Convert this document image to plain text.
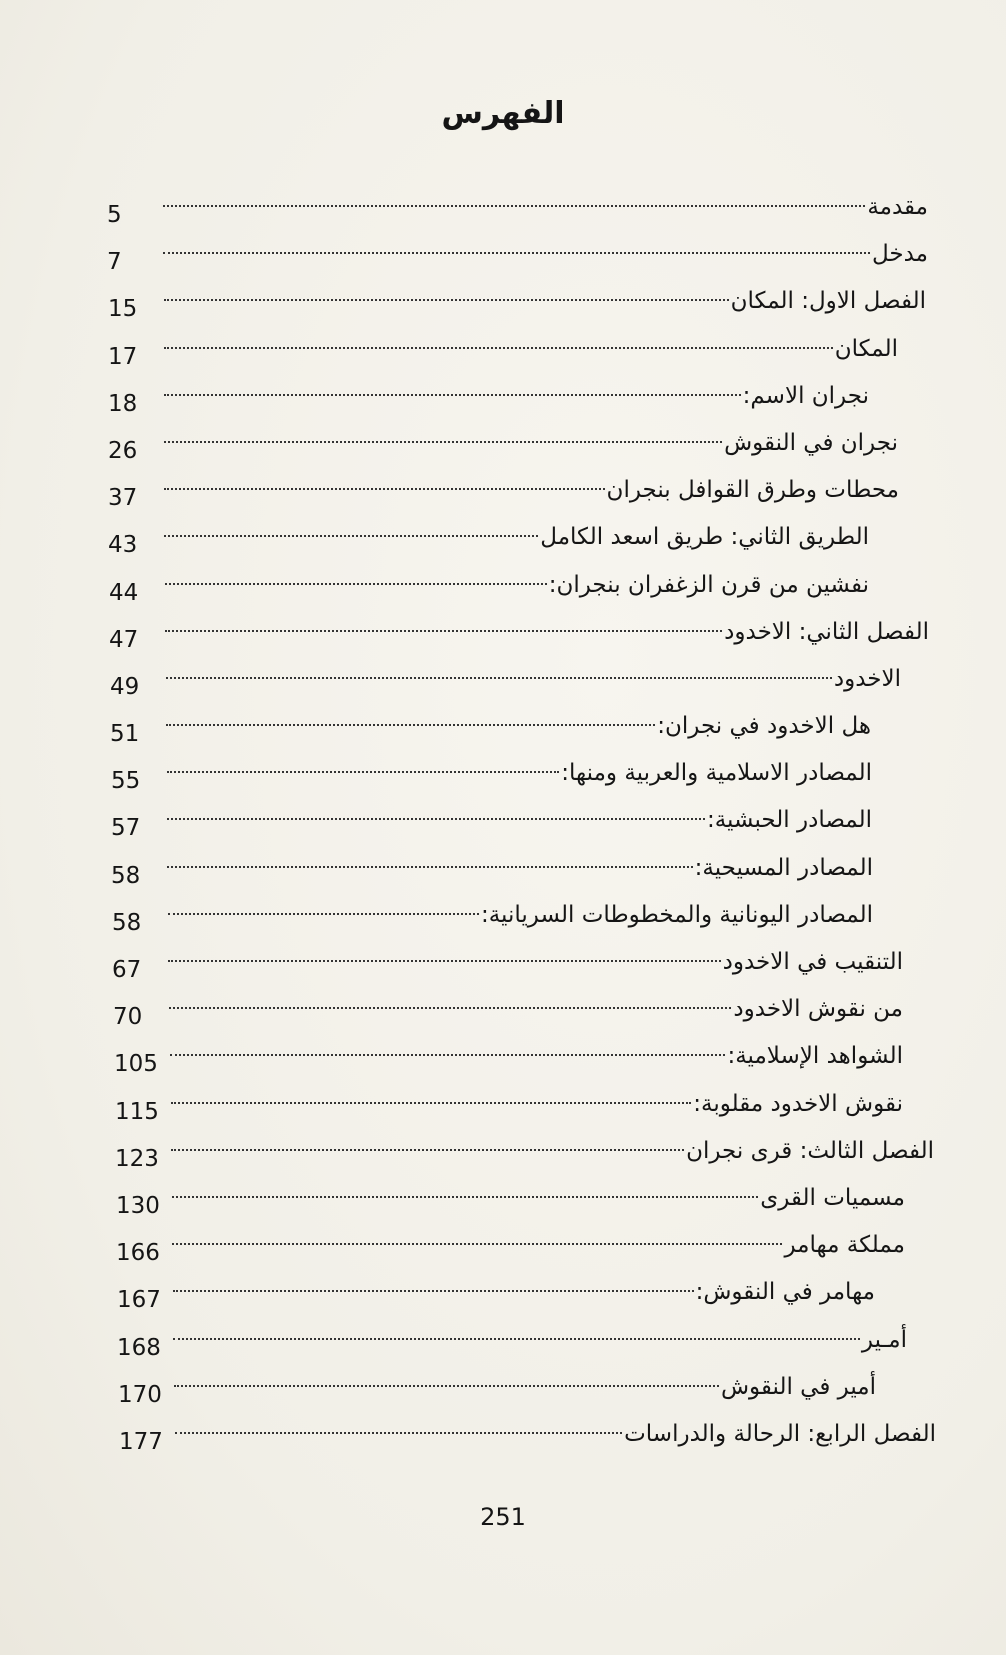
الفهرس
مقدمة
5
مدخل
7
الفصل الاول: المكان
15
المكان
17
نجران الاسم:
18
نجران في النقوش
26
محطات وطرق القوافل بنجران
37
الطريق الثاني: طريق اسعد الكامل
43
نفشين من قرن الزغفران بنجران:
44
الفصل الثاني: الاخدود
47
الاخدود
49
هل الاخدود في نجران:
51
المصادر الاسلامية والعربية ومنها:
55
المصادر الحبشية:
57
المصادر المسيحية:
58
المصادر اليونانية والمخطوطات السريانية:
58
التنقيب في الاخدود
67
من نقوش الاخدود
70
الشواهد الإسلامية:
105
نقوش الاخدود مقلوبة:
115
الفصل الثالث: قرى نجران
123
مسميات القرى
130
مملكة مهامر
166
مهامر في النقوش:
167
أمـير
168
أمير في النقوش
170
الفصل الرابع: الرحالة والدراسات
177

251
